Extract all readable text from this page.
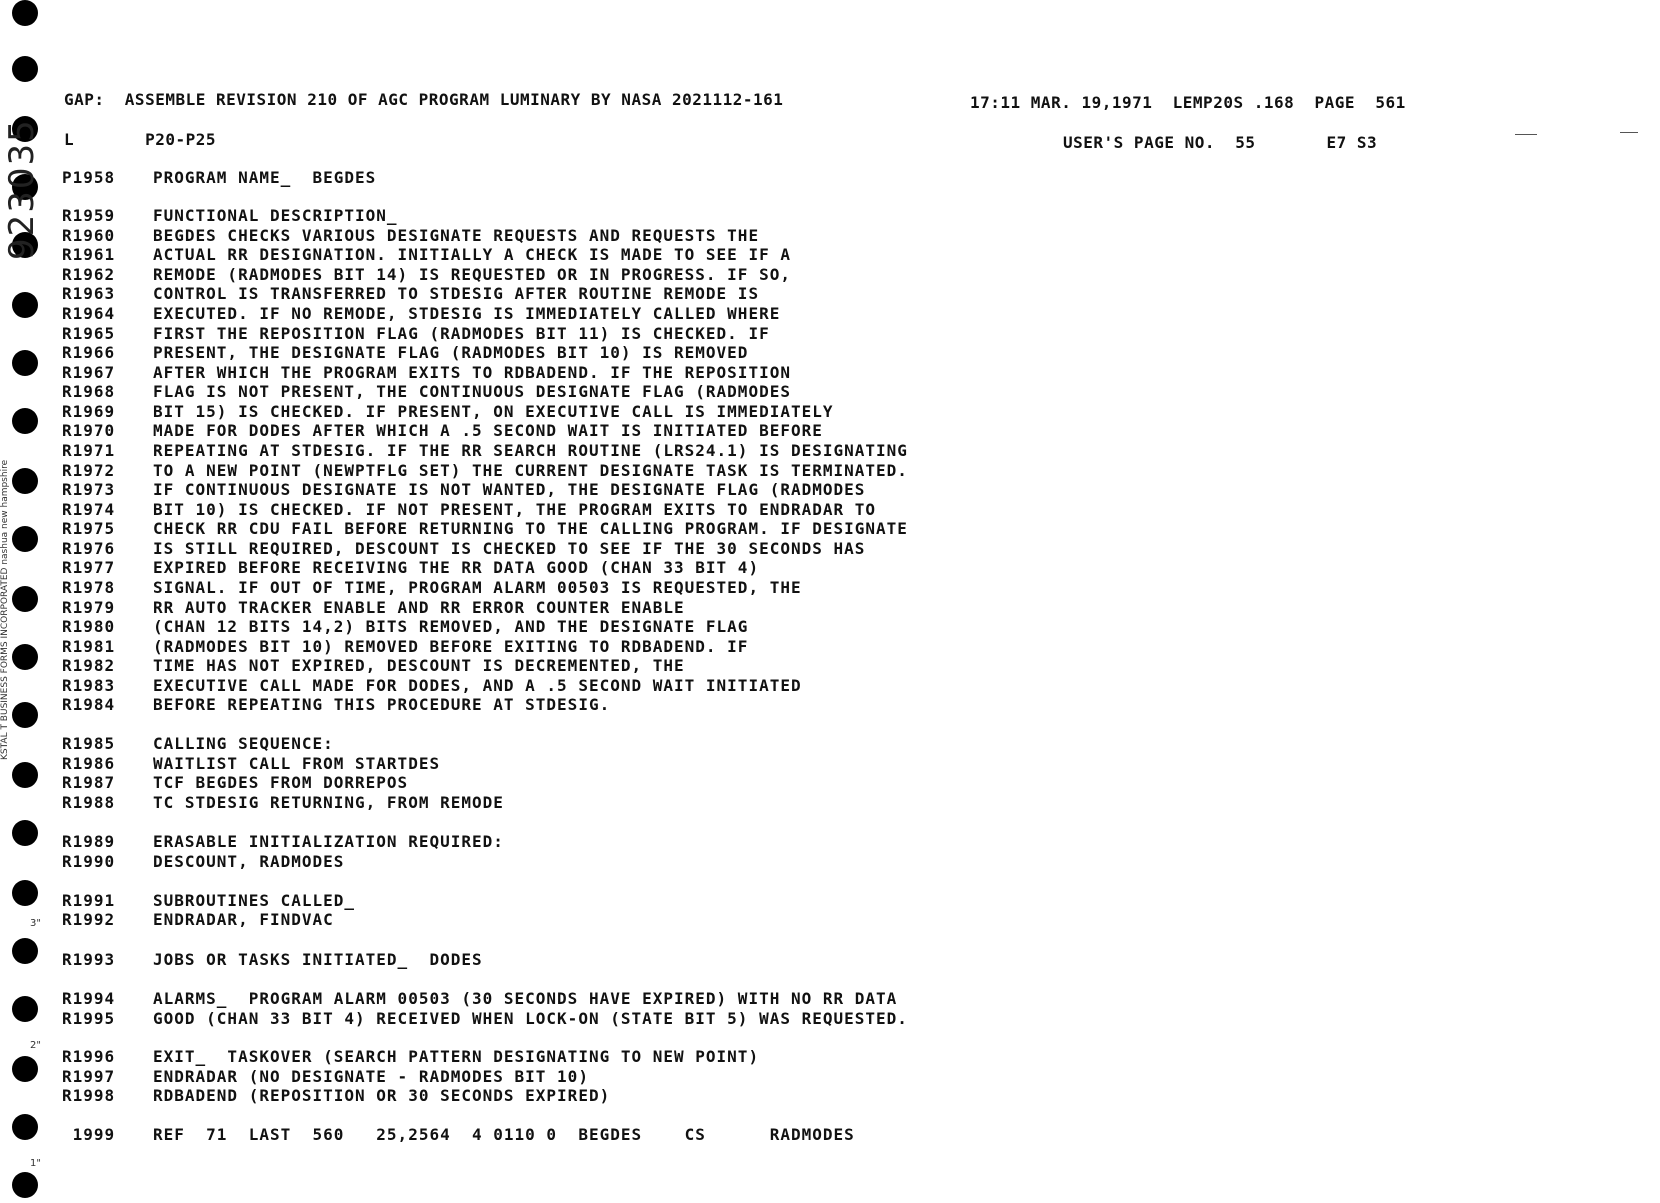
923035
KSTAL T BUSINESS FORMS INCORPORATED nashua new hampshire
3"
2"
1"
GAP:  ASSEMBLE REVISION 210 OF AGC PROGRAM LUMINARY BY NASA 2021112-161	17:11 MAR. 19,1971  LEMP20S .168  PAGE  561
L       P20-P25	USER'S PAGE NO.  55       E7 S3
P1958 PROGRAM NAME_  BEGDES
R1959 FUNCTIONAL DESCRIPTION_
R1960 BEGDES CHECKS VARIOUS DESIGNATE REQUESTS AND REQUESTS THE
R1961 ACTUAL RR DESIGNATION. INITIALLY A CHECK IS MADE TO SEE IF A
R1962 REMODE (RADMODES BIT 14) IS REQUESTED OR IN PROGRESS. IF SO,
R1963 CONTROL IS TRANSFERRED TO STDESIG AFTER ROUTINE REMODE IS
R1964 EXECUTED. IF NO REMODE, STDESIG IS IMMEDIATELY CALLED WHERE
R1965 FIRST THE REPOSITION FLAG (RADMODES BIT 11) IS CHECKED. IF
R1966 PRESENT, THE DESIGNATE FLAG (RADMODES BIT 10) IS REMOVED
R1967 AFTER WHICH THE PROGRAM EXITS TO RDBADEND. IF THE REPOSITION
R1968 FLAG IS NOT PRESENT, THE CONTINUOUS DESIGNATE FLAG (RADMODES
R1969 BIT 15) IS CHECKED. IF PRESENT, ON EXECUTIVE CALL IS IMMEDIATELY
R1970 MADE FOR DODES AFTER WHICH A .5 SECOND WAIT IS INITIATED BEFORE
R1971 REPEATING AT STDESIG. IF THE RR SEARCH ROUTINE (LRS24.1) IS DESIGNATING
R1972 TO A NEW POINT (NEWPTFLG SET) THE CURRENT DESIGNATE TASK IS TERMINATED.
R1973 IF CONTINUOUS DESIGNATE IS NOT WANTED, THE DESIGNATE FLAG (RADMODES
R1974 BIT 10) IS CHECKED. IF NOT PRESENT, THE PROGRAM EXITS TO ENDRADAR TO
R1975 CHECK RR CDU FAIL BEFORE RETURNING TO THE CALLING PROGRAM. IF DESIGNATE
R1976 IS STILL REQUIRED, DESCOUNT IS CHECKED TO SEE IF THE 30 SECONDS HAS
R1977 EXPIRED BEFORE RECEIVING THE RR DATA GOOD (CHAN 33 BIT 4)
R1978 SIGNAL. IF OUT OF TIME, PROGRAM ALARM 00503 IS REQUESTED, THE
R1979 RR AUTO TRACKER ENABLE AND RR ERROR COUNTER ENABLE
R1980 (CHAN 12 BITS 14,2) BITS REMOVED, AND THE DESIGNATE FLAG
R1981 (RADMODES BIT 10) REMOVED BEFORE EXITING TO RDBADEND. IF
R1982 TIME HAS NOT EXPIRED, DESCOUNT IS DECREMENTED, THE
R1983 EXECUTIVE CALL MADE FOR DODES, AND A .5 SECOND WAIT INITIATED
R1984 BEFORE REPEATING THIS PROCEDURE AT STDESIG.
R1985 CALLING SEQUENCE:
R1986 WAITLIST CALL FROM STARTDES
R1987 TCF BEGDES FROM DORREPOS
R1988 TC STDESIG RETURNING, FROM REMODE
R1989 ERASABLE INITIALIZATION REQUIRED:
R1990 DESCOUNT, RADMODES
R1991 SUBROUTINES CALLED_
R1992 ENDRADAR, FINDVAC
R1993 JOBS OR TASKS INITIATED_  DODES
R1994 ALARMS_  PROGRAM ALARM 00503 (30 SECONDS HAVE EXPIRED) WITH NO RR DATA
R1995 GOOD (CHAN 33 BIT 4) RECEIVED WHEN LOCK-ON (STATE BIT 5) WAS REQUESTED.
R1996 EXIT_  TASKOVER (SEARCH PATTERN DESIGNATING TO NEW POINT)
R1997 ENDRADAR (NO DESIGNATE - RADMODES BIT 10)
R1998 RDBADEND (REPOSITION OR 30 SECONDS EXPIRED)
1999 REF  71  LAST  560   25,2564  4 0110 0  BEGDES    CS      RADMODES
